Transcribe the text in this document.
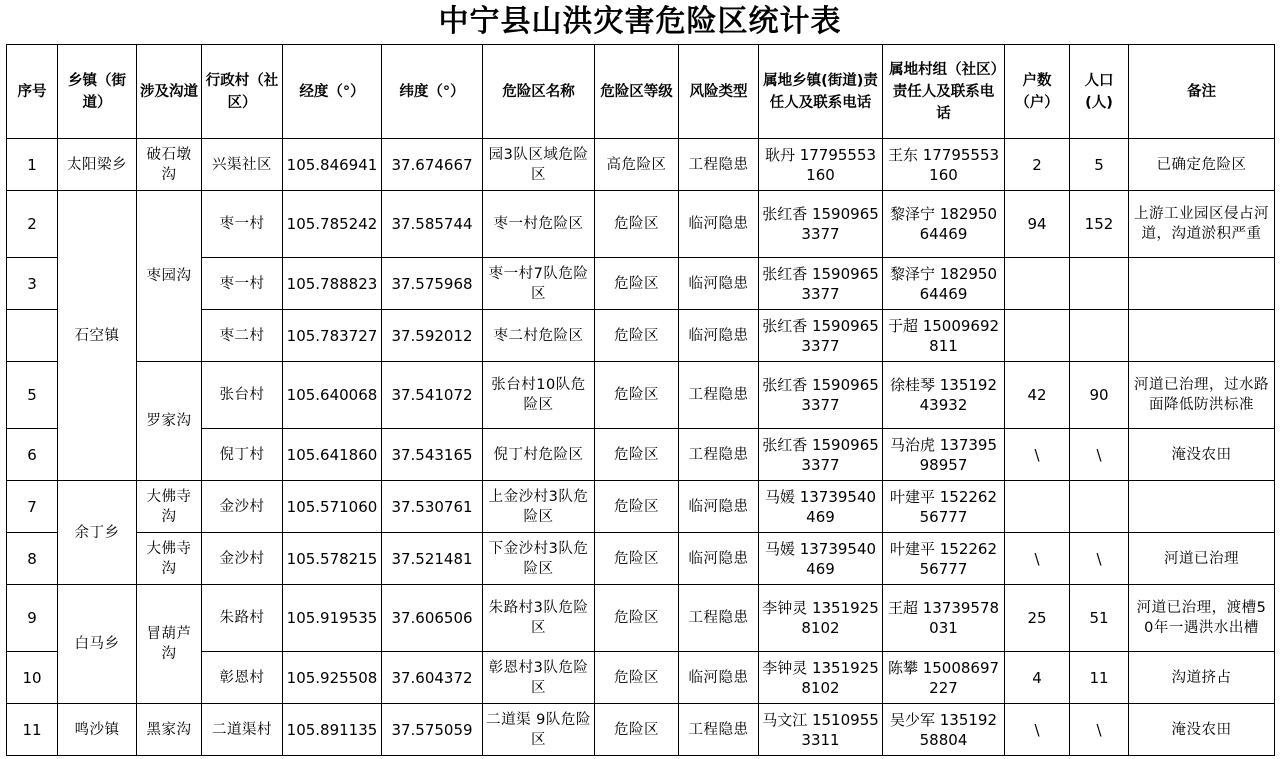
中宁县山洪灾害危险区统计表
序号	乡镇（街道）	涉及沟道	行政村（社区）	经度（°）	纬度（°）	危险区名称	危险区等级	风险类型	属地乡镇(街道)责任人及联系电话	属地村组（社区）责任人及联系电话	户数（户）	人口(人)	备注
1	太阳梁乡	破石墩沟	兴渠社区	105.846941	37.674667	园3队区域危险区	高危险区	工程隐患	耿丹 17795553160	王东 17795553160	2	5	已确定危险区
2	石空镇	枣园沟	枣一村	105.785242	37.585744	枣一村危险区	危险区	临河隐患	张红香 15909653377	黎泽宁 18295064469	94	152	上游工业园区侵占河道，沟道淤积严重
3			枣一村	105.788823	37.575968	枣一村7队危险区	危险区	临河隐患	张红香 15909653377	黎泽宁 18295064469			
			枣二村	105.783727	37.592012	枣二村危险区	危险区	临河隐患	张红香 15909653377	于超 15009692811			
5		罗家沟	张台村	105.640068	37.541072	张台村10队危险区	危险区	工程隐患	张红香 15909653377	徐桂琴 13519243932	42	90	河道已治理，过水路面降低防洪标准
6			倪丁村	105.641860	37.543165	倪丁村危险区	危险区	工程隐患	张红香 15909653377	马治虎 13739598957	\	\	淹没农田
7	余丁乡	大佛寺沟	金沙村	105.571060	37.530761	上金沙村3队危险区	危险区	临河隐患	马媛 13739540469	叶建平 15226256777			
8		大佛寺沟	金沙村	105.578215	37.521481	下金沙村3队危险区	危险区	临河隐患	马媛 13739540469	叶建平 15226256777	\	\	河道已治理
9	白马乡	冒葫芦沟	朱路村	105.919535	37.606506	朱路村3队危险区	危险区	工程隐患	李钟灵 13519258102	王超 13739578031	25	51	河道已治理，渡槽50年一遇洪水出槽
10			彰恩村	105.925508	37.604372	彰恩村3队危险区	危险区	临河隐患	李钟灵 13519258102	陈攀 15008697227	4	11	沟道挤占
11	鸣沙镇	黑家沟	二道渠村	105.891135	37.575059	二道渠 9队危险区	危险区	工程隐患	马文江 15109553311	吴少军 13519258804	\	\	淹没农田
